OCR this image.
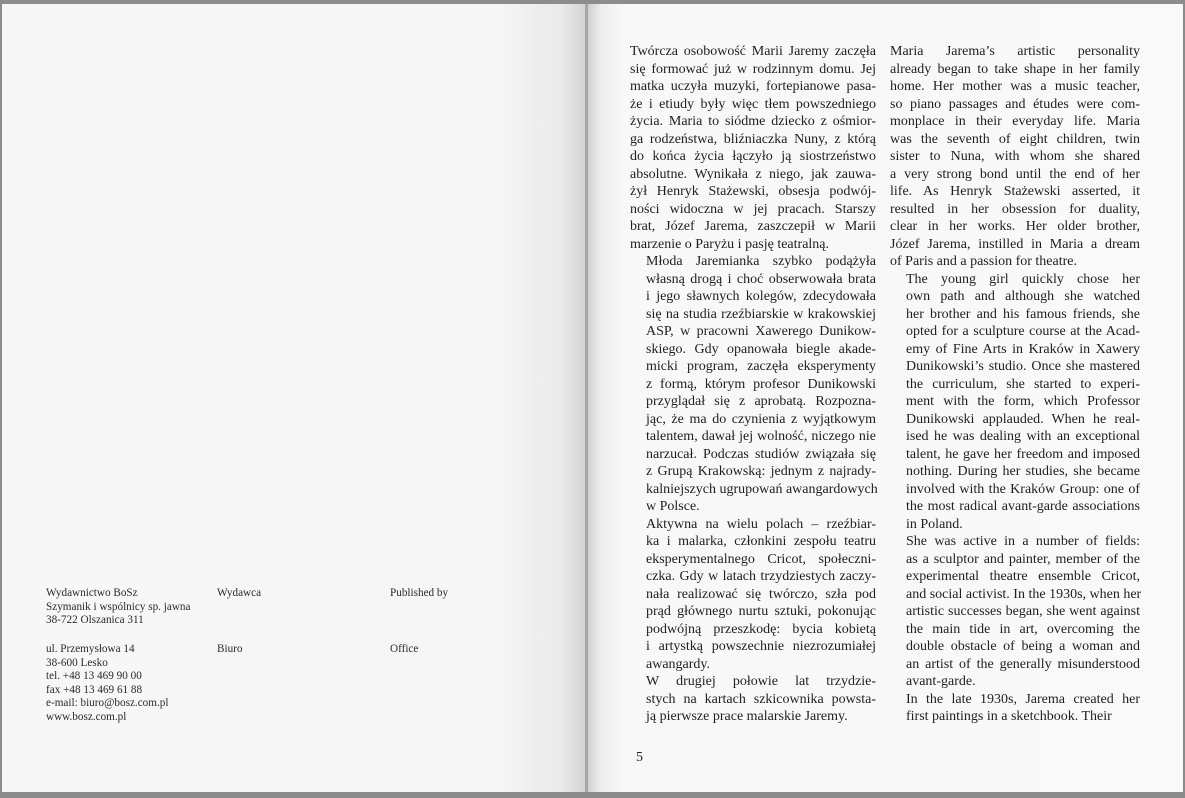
Wydawnictwo BoSz
Szymanik i wspólnicy sp. jawna
38-722 Olszanica 311
Wydawca	Published by
ul. Przemysłowa 14
38-600 Lesko
tel. +48 13 469 90 00
fax +48 13 469 61 88
e-mail: biuro@bosz.com.pl
www.bosz.com.pl
Biuro	Office

Twórcza osobowość Marii Jaremy zaczęła
się formować już w rodzinnym domu. Jej
matka uczyła muzyki, fortepianowe pasa-
że i etiudy były więc tłem powszedniego
życia. Maria to siódme dziecko z ośmior-
ga rodzeństwa, bliźniaczka Nuny, z którą
do końca życia łączyło ją siostrzeństwo
absolutne. Wynikała z niego, jak zauwa-
żył Henryk Stażewski, obsesja podwój-
ności widoczna w jej pracach. Starszy
brat, Józef Jarema, zaszczepił w Marii
marzenie o Paryżu i pasję teatralną.

Młoda Jaremianka szybko podążyła
własną drogą i choć obserwowała brata
i jego sławnych kolegów, zdecydowała
się na studia rzeźbiarskie w krakowskiej
ASP, w pracowni Xawerego Dunikow-
skiego. Gdy opanowała biegle akade-
micki program, zaczęła eksperymenty
z formą, którym profesor Dunikowski
przyglądał się z aprobatą. Rozpozna-
jąc, że ma do czynienia z wyjątkowym
talentem, dawał jej wolność, niczego nie
narzucał. Podczas studiów związała się
z Grupą Krakowską: jednym z najrady-
kalniejszych ugrupowań awangardowych
w Polsce.

Aktywna na wielu polach – rzeźbiar-
ka i malarka, członkini zespołu teatru
eksperymentalnego Cricot, społeczni-
czka. Gdy w latach trzydziestych zaczy-
nała realizować się twórczo, szła pod
prąd głównego nurtu sztuki, pokonując
podwójną przeszkodę: bycia kobietą
i artystką powszechnie niezrozumiałej
awangardy.

W drugiej połowie lat trzydzie-
stych na kartach szkicownika powsta-
ją pierwsze prace malarskie Jaremy.

Maria Jarema’s artistic personality
already began to take shape in her family
home. Her mother was a music teacher,
so piano passages and études were com-
monplace in their everyday life. Maria
was the seventh of eight children, twin
sister to Nuna, with whom she shared
a very strong bond until the end of her
life. As Henryk Stażewski asserted, it
resulted in her obsession for duality,
clear in her works. Her older brother,
Józef Jarema, instilled in Maria a dream
of Paris and a passion for theatre.

The young girl quickly chose her
own path and although she watched
her brother and his famous friends, she
opted for a sculpture course at the Acad-
emy of Fine Arts in Kraków in Xawery
Dunikowski’s studio. Once she mastered
the curriculum, she started to experi-
ment with the form, which Professor
Dunikowski applauded. When he real-
ised he was dealing with an exceptional
talent, he gave her freedom and imposed
nothing. During her studies, she became
involved with the Kraków Group: one of
the most radical avant-garde associations
in Poland.

She was active in a number of fields:
as a sculptor and painter, member of the
experimental theatre ensemble Cricot,
and social activist. In the 1930s, when her
artistic successes began, she went against
the main tide in art, overcoming the
double obstacle of being a woman and
an artist of the generally misunderstood
avant-garde.

In the late 1930s, Jarema created her
first paintings in a sketchbook. Their

5
